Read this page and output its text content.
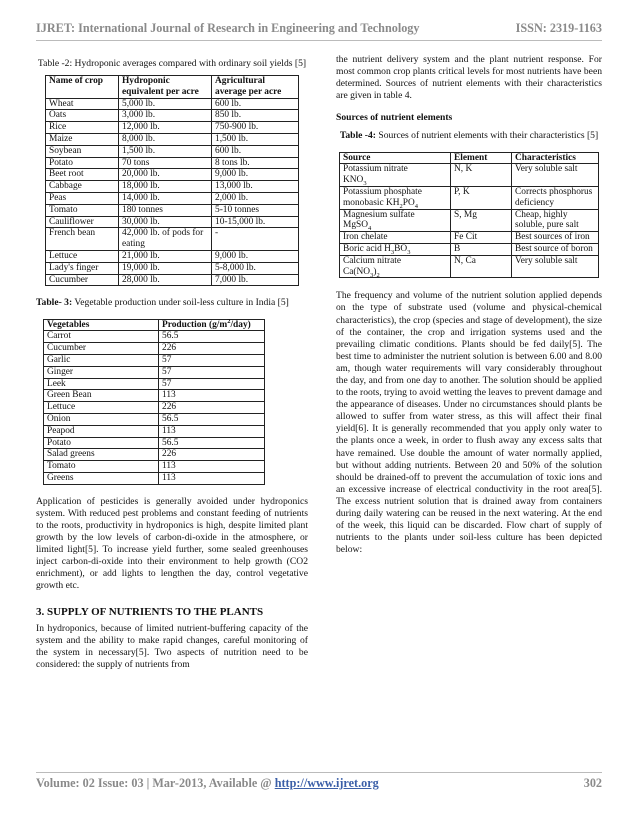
IJRET: International Journal of Research in Engineering and Technology	ISSN: 2319-1163
Table -2: Hydroponic averages compared with ordinary soil yields [5]
Name of crop	Hydroponic equivalent per acre	Agricultural average per acre
Wheat	5,000 lb.	600 lb.
Oats	3,000 lb.	850 lb.
Rice	12,000 lb.	750-900 lb.
Maize	8,000 lb.	1,500 lb.
Soybean	1,500 lb.	600 lb.
Potato	70 tons	8 tons lb.
Beet root	20,000 lb.	9,000 lb.
Cabbage	18,000 lb.	13,000 lb.
Peas	14,000 lb.	2,000 lb.
Tomato	180 tonnes	5-10 tonnes
Cauliflower	30,000 lb.	10-15,000 lb.
French bean	42,000 lb. of pods for eating	-
Lettuce	21,000 lb.	9,000 lb.
Lady's finger	19,000 lb.	5-8,000 lb.
Cucumber	28,000 lb.	7,000 lb.
Table- 3: Vegetable production under soil-less culture in India [5]
Vegetables	Production $(g/m^2/day)$
Carrot	56.5
Cucumber	226
Garlic	57
Ginger	57
Leek	57
Green Bean	113
Lettuce	226
Onion	56.5
Peapod	113
Potato	56.5
Salad greens	226
Tomato	113
Greens	113

Application of pesticides is generally avoided under hydroponics system. With reduced pest problems and constant feeding of nutrients to the roots, productivity in hydroponics is high, despite limited plant growth by the low levels of carbon-di-oxide in the atmosphere, or limited light[5]. To increase yield further, some sealed greenhouses inject carbon-di-oxide into their environment to help growth (CO2 enrichment), or add lights to lengthen the day, control vegetative growth etc.

3. SUPPLY OF NUTRIENTS TO THE PLANTS

In hydroponics, because of limited nutrient-buffering capacity of the system and the ability to make rapid changes, careful monitoring of the system in necessary[5]. Two aspects of nutrition need to be considered: the supply of nutrients from

the nutrient delivery system and the plant nutrient response. For most common crop plants critical levels for most nutrients have been determined. Sources of nutrient elements with their characteristics are given in table 4.

Sources of nutrient elements
Table -4: Sources of nutrient elements with their characteristics [5]
Source	Element	Characteristics
Potassium nitrate
$KNO_3$	N, K	Very soluble salt
Potassium phosphate
monobasic $KH_2PO_4$	P, K	Corrects phosphorus deficiency
Magnesium sulfate
MgSO$_4$	S, Mg	Cheap, highly soluble, pure salt
Iron chelate	Fe Cit	Best sources of iron
Boric acid $H_3BO_3$	B	Best source of boron
Calcium nitrate
$Ca(NO_3)_2$	N, Ca	Very soluble salt

The frequency and volume of the nutrient solution applied depends on the type of substrate used (volume and physical-chemical characteristics), the crop (species and stage of development), the size of the container, the crop and irrigation systems used and the prevailing climatic conditions. Plants should be fed daily[5]. The best time to administer the nutrient solution is between 6.00 and 8.00 am, though water requirements will vary considerably throughout the day, and from one day to another. The solution should be applied to the roots, trying to avoid wetting the leaves to prevent damage and the appearance of diseases. Under no circumstances should plants be allowed to suffer from water stress, as this will affect their final yield[6]. It is generally recommended that you apply only water to the plants once a week, in order to flush away any excess salts that have remained. Use double the amount of water normally applied, but without adding nutrients. Between 20 and 50% of the solution should be drained-off to prevent the accumulation of toxic ions and an excessive increase of electrical conductivity in the root area[5]. The excess nutrient solution that is drained away from containers during daily watering can be reused in the next watering. At the end of the week, this liquid can be discarded. Flow chart of supply of nutrients to the plants under soil-less culture has been depicted below:

Volume: 02 Issue: 03 | Mar-2013, Available @ http://www.ijret.org	302
